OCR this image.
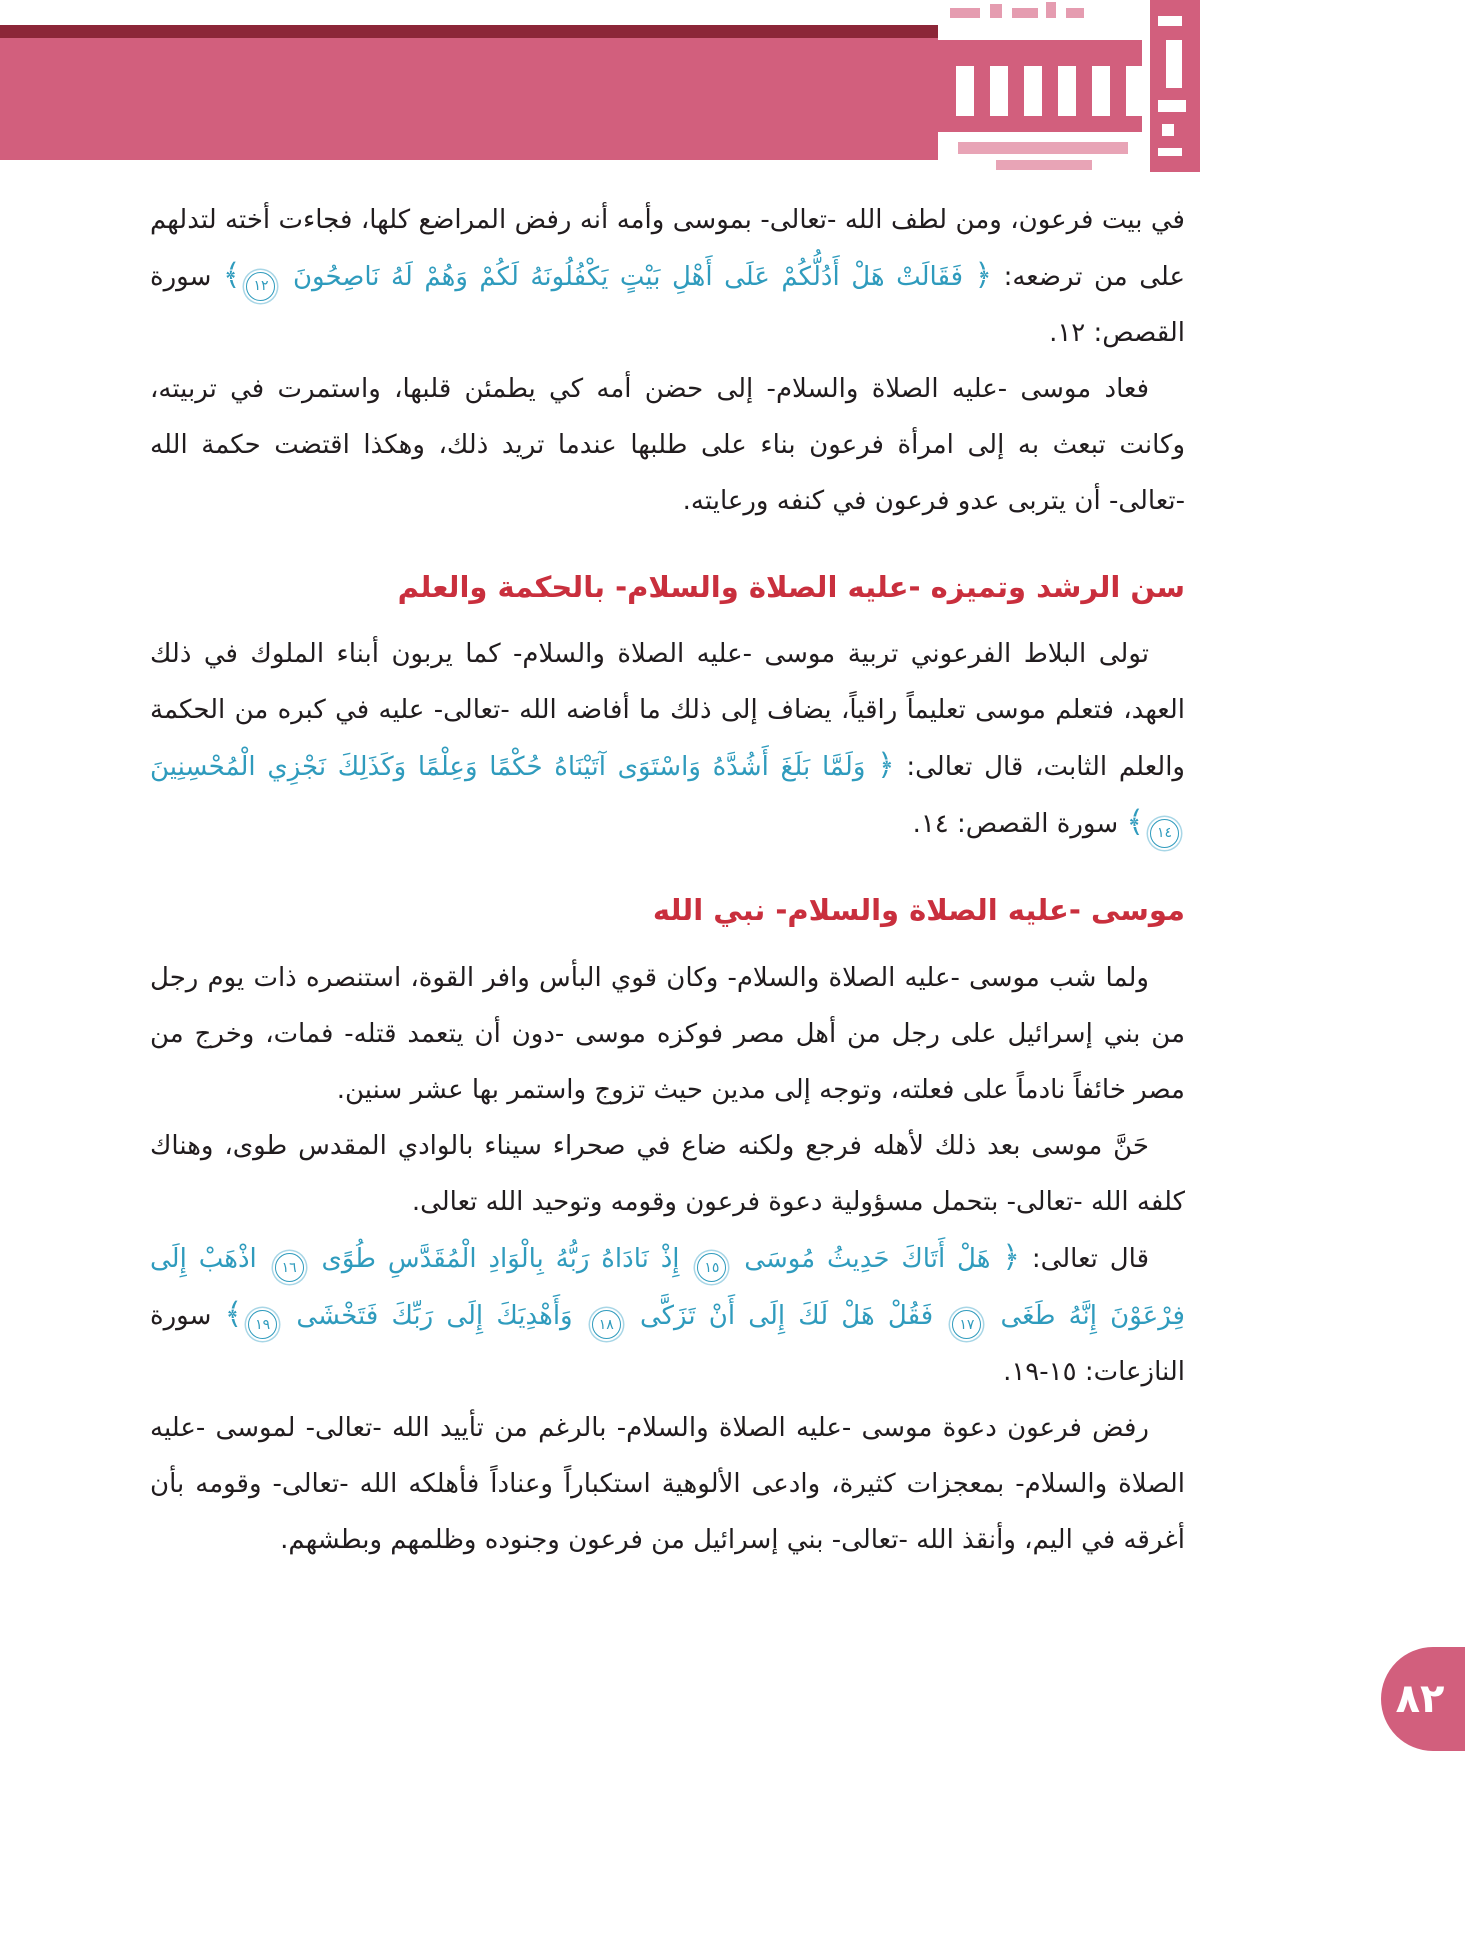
في بيت فرعون، ومن لطف الله -تعالى- بموسى وأمه أنه رفض المراضع كلها، فجاءت أخته لتدلهم على من ترضعه: ﴿ فَقَالَتْ هَلْ أَدُلُّكُمْ عَلَى أَهْلِ بَيْتٍ يَكْفُلُونَهُ لَكُمْ وَهُمْ لَهُ نَاصِحُونَ ١٢﴾ سورة القصص: ١٢.

فعاد موسى -عليه الصلاة والسلام- إلى حضن أمه كي يطمئن قلبها، واستمرت في تربيته، وكانت تبعث به إلى امرأة فرعون بناء على طلبها عندما تريد ذلك، وهكذا اقتضت حكمة الله -تعالى- أن يتربى عدو فرعون في كنفه ورعايته.

سن الرشد وتميزه -عليه الصلاة والسلام- بالحكمة والعلم

تولى البلاط الفرعوني تربية موسى -عليه الصلاة والسلام- كما يربون أبناء الملوك في ذلك العهد، فتعلم موسى تعليماً راقياً، يضاف إلى ذلك ما أفاضه الله -تعالى- عليه في كبره من الحكمة والعلم الثابت، قال تعالى: ﴿ وَلَمَّا بَلَغَ أَشُدَّهُ وَاسْتَوَى آتَيْنَاهُ حُكْمًا وَعِلْمًا وَكَذَلِكَ نَجْزِي الْمُحْسِنِينَ ١٤﴾ سورة القصص: ١٤.

موسى -عليه الصلاة والسلام- نبي الله

ولما شب موسى -عليه الصلاة والسلام- وكان قوي البأس وافر القوة، استنصره ذات يوم رجل من بني إسرائيل على رجل من أهل مصر فوكزه موسى -دون أن يتعمد قتله- فمات، وخرج من مصر خائفاً نادماً على فعلته، وتوجه إلى مدين حيث تزوج واستمر بها عشر سنين.

حَنَّ موسى بعد ذلك لأهله فرجع ولكنه ضاع في صحراء سيناء بالوادي المقدس طوى، وهناك كلفه الله -تعالى- بتحمل مسؤولية دعوة فرعون وقومه وتوحيد الله تعالى.

قال تعالى: ﴿ هَلْ أَتَاكَ حَدِيثُ مُوسَى ١٥ إِذْ نَادَاهُ رَبُّهُ بِالْوَادِ الْمُقَدَّسِ طُوًى ١٦ اذْهَبْ إِلَى فِرْعَوْنَ إِنَّهُ طَغَى ١٧ فَقُلْ هَلْ لَكَ إِلَى أَنْ تَزَكَّى ١٨ وَأَهْدِيَكَ إِلَى رَبِّكَ فَتَخْشَى ١٩﴾ سورة النازعات: ١٥-١٩.

رفض فرعون دعوة موسى -عليه الصلاة والسلام- بالرغم من تأييد الله -تعالى- لموسى -عليه الصلاة والسلام- بمعجزات كثيرة، وادعى الألوهية استكباراً وعناداً فأهلكه الله -تعالى- وقومه بأن أغرقه في اليم، وأنقذ الله -تعالى- بني إسرائيل من فرعون وجنوده وظلمهم وبطشهم.

٨٢
